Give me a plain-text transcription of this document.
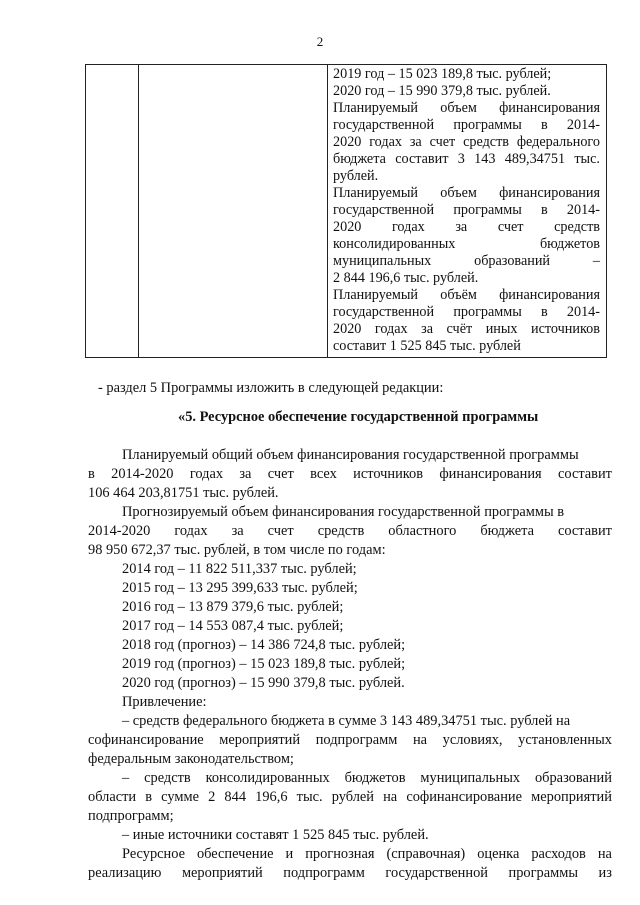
2
2019 год – 15 023 189,8 тыс. рублей;
2020 год – 15 990 379,8 тыс. рублей.
Планируемый объем финансирования
государственной программы в 2014-
2020 годах за счет средств федерального
бюджета составит 3 143 489,34751 тыс.
рублей.
Планируемый объем финансирования
государственной программы в 2014-
2020 годах за счет средств
консолидированных	бюджетов
муниципальных	образований	–
2 844 196,6 тыс. рублей.
Планируемый объём финансирования
государственной программы в 2014-
2020 годах за счёт иных источников
составит 1 525 845 тыс. рублей
- раздел 5 Программы изложить в следующей редакции:
«5. Ресурсное обеспечение государственной программы
Планируемый общий объем финансирования государственной программы
в 2014-2020 годах за счет всех источников финансирования составит
106 464 203,81751 тыс. рублей.
Прогнозируемый объем финансирования государственной программы в
2014-2020 годах за счет средств областного бюджета составит
98 950 672,37 тыс. рублей, в том числе по годам:
2014 год – 11 822 511,337 тыс. рублей;
2015 год – 13 295 399,633 тыс. рублей;
2016 год – 13 879 379,6 тыс. рублей;
2017 год – 14 553 087,4 тыс. рублей;
2018 год (прогноз) – 14 386 724,8 тыс. рублей;
2019 год (прогноз) – 15 023 189,8 тыс. рублей;
2020 год (прогноз) – 15 990 379,8 тыс. рублей.
Привлечение:
– средств федерального бюджета в сумме 3 143 489,34751 тыс. рублей на
софинансирование мероприятий подпрограмм на условиях, установленных
федеральным законодательством;
– средств консолидированных бюджетов муниципальных образований
области в сумме 2 844 196,6 тыс. рублей на софинансирование мероприятий
подпрограмм;
– иные источники составят 1 525 845 тыс. рублей.
Ресурсное обеспечение и прогнозная (справочная) оценка расходов на
реализацию мероприятий подпрограмм государственной программы из
